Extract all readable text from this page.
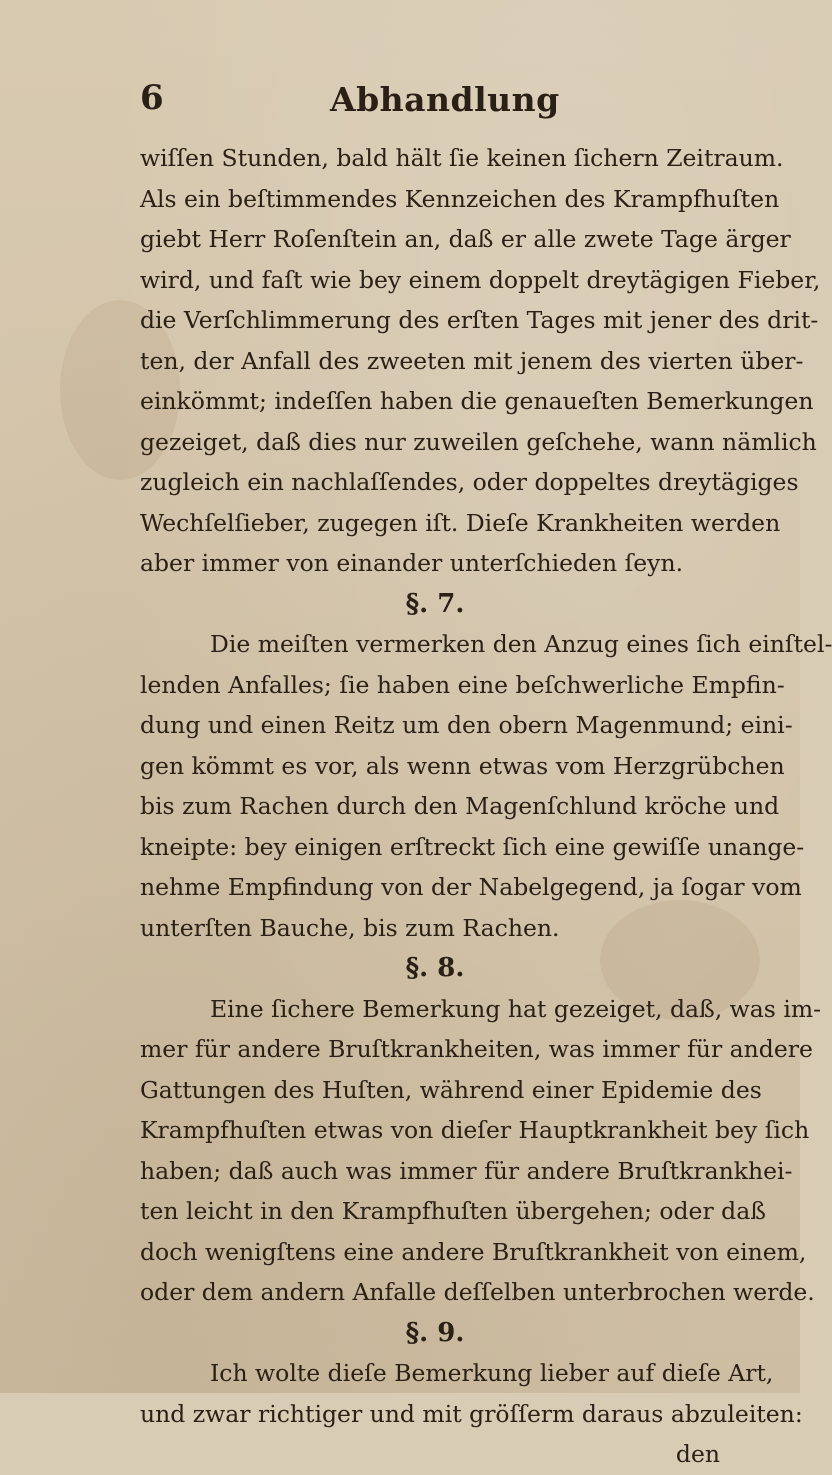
6	Abhandlung
wiſſen Stunden, bald hält ſie keinen ſichern Zeitraum.
Als ein beſtimmendes Kennzeichen des Krampfhuſten
giebt Herr Roſenſtein an, daß er alle zwete Tage ärger
wird, und faſt wie bey einem doppelt dreytägigen Fieber,
die Verſchlimmerung des erſten Tages mit jener des drit-
ten, der Anfall des zweeten mit jenem des vierten über-
einkömmt; indeſſen haben die genaueſten Bemerkungen
gezeiget, daß dies nur zuweilen geſchehe, wann nämlich
zugleich ein nachlaſſendes, oder doppeltes dreytägiges
Wechſelſieber, zugegen iſt. Dieſe Krankheiten werden
aber immer von einander unterſchieden ſeyn.
§. 7.
Die meiſten vermerken den Anzug eines ſich einſtel-
lenden Anfalles; ſie haben eine beſchwerliche Empfin-
dung und einen Reitz um den obern Magenmund; eini-
gen kömmt es vor, als wenn etwas vom Herzgrübchen
bis zum Rachen durch den Magenſchlund kröche und
kneipte: bey einigen erſtreckt ſich eine gewiſſe unange-
nehme Empfindung von der Nabelgegend, ja ſogar vom
unterſten Bauche, bis zum Rachen.
§. 8.
Eine ſichere Bemerkung hat gezeiget, daß, was im-
mer für andere Bruſtkrankheiten, was immer für andere
Gattungen des Huſten, während einer Epidemie des
Krampfhuſten etwas von dieſer Hauptkrankheit bey ſich
haben; daß auch was immer für andere Bruſtkrankhei-
ten leicht in den Krampfhuſten übergehen; oder daß
doch wenigſtens eine andere Bruſtkrankheit von einem,
oder dem andern Anfalle deſſelben unterbrochen werde.
§. 9.
Ich wolte dieſe Bemerkung lieber auf dieſe Art,
und zwar richtiger und mit gröſſerm daraus abzuleiten:
den
